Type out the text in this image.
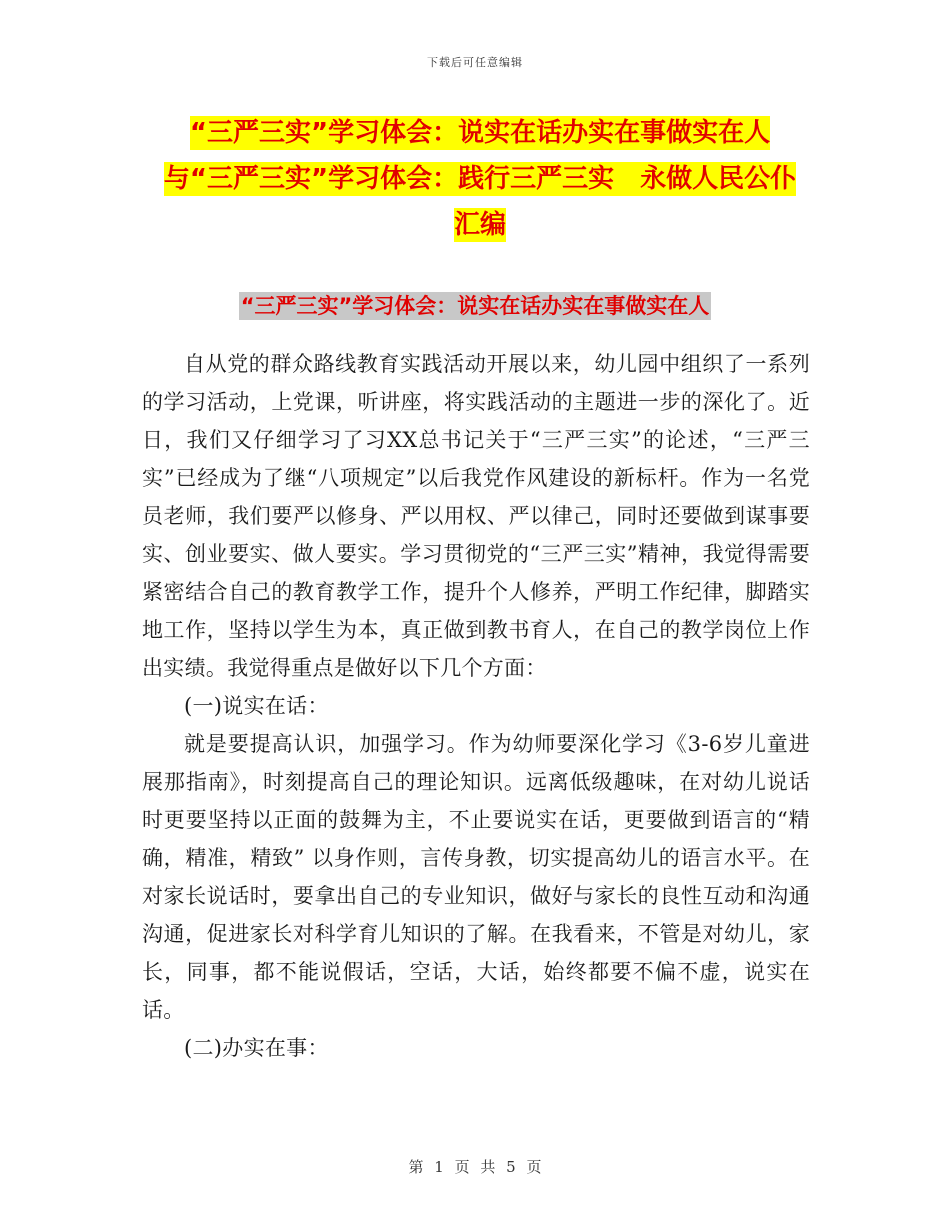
下载后可任意编辑
“三严三实”学习体会：说实在话办实在事做实在人
与“三严三实”学习体会：践行三严三实　永做人民公仆
汇编
“三严三实”学习体会：说实在话办实在事做实在人

自从党的群众路线教育实践活动开展以来，幼儿园中组织了一系列的学习活动，上党课，听讲座，将实践活动的主题进一步的深化了。近日，我们又仔细学习了习XX总书记关于“三严三实”的论述，“三严三实”已经成为了继“八项规定”以后我党作风建设的新标杆。作为一名党员老师，我们要严以修身、严以用权、严以律己，同时还要做到谋事要实、创业要实、做人要实。学习贯彻党的“三严三实”精神，我觉得需要紧密结合自己的教育教学工作，提升个人修养，严明工作纪律，脚踏实地工作，坚持以学生为本，真正做到教书育人，在自己的教学岗位上作出实绩。我觉得重点是做好以下几个方面：

(一)说实在话：

就是要提高认识，加强学习。作为幼师要深化学习《3-6岁儿童进展那指南》，时刻提高自己的理论知识。远离低级趣味，在对幼儿说话时更要坚持以正面的鼓舞为主，不止要说实在话，更要做到语言的“精确，精准，精致” 以身作则，言传身教，切实提高幼儿的语言水平。在对家长说话时，要拿出自己的专业知识，做好与家长的良性互动和沟通沟通，促进家长对科学育儿知识的了解。在我看来，不管是对幼儿，家长，同事，都不能说假话，空话，大话，始终都要不偏不虚，说实在话。

(二)办实在事：

第 1 页 共 5 页
